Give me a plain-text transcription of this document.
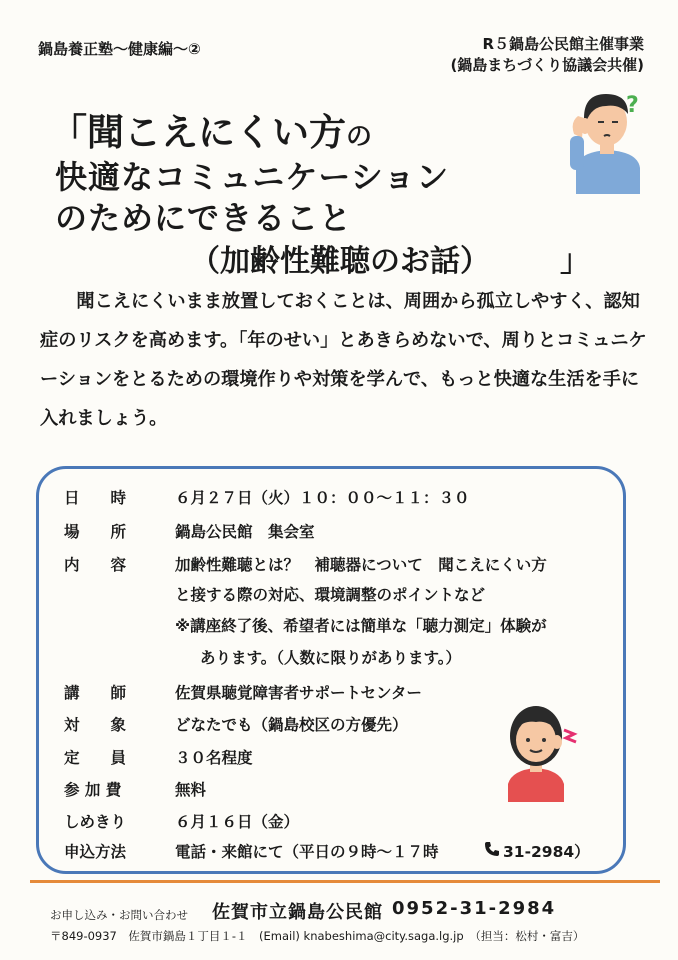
鍋島養正塾～健康編～②	R５鍋島公民館主催事業
(鍋島まちづくり協議会共催)
?
「聞こえにくい方の
快適なコミュニケーション
のためにできること
（加齢性難聴のお話） 」
聞こえにくいまま放置しておくことは、周囲から孤立しやすく、認知症のリスクを高めます。「年のせい」とあきらめないで、周りとコミュニケーションをとるための環境作りや対策を学んで、もっと快適な生活を手に入れましょう。
日　　時	６月２７日（火）１０：００～１１：３０
場　　所	鍋島公民館　集会室
内　　容	加齢性難聴とは？　補聴器について　聞こえにくい方
と接する際の対応、環境調整のポイントなど
※講座終了後、希望者には簡単な「聴力測定」体験が
あります。（人数に限りがあります。）
講　　師	佐賀県聴覚障害者サポートセンター
対　　象	どなたでも（鍋島校区の方優先）
定　　員	３０名程度
参 加 費	無料
しめきり	６月１６日（金）
申込方法	電話・来館にて（平日の９時～１７時	31-2984）
お申し込み・お問い合わせ 佐賀市立鍋島公民館 0952-31-2984
〒849-0937　佐賀市鍋島１丁目１-１　(Email) knabeshima@city.saga.lg.jp　（担当：松村・富吉）
